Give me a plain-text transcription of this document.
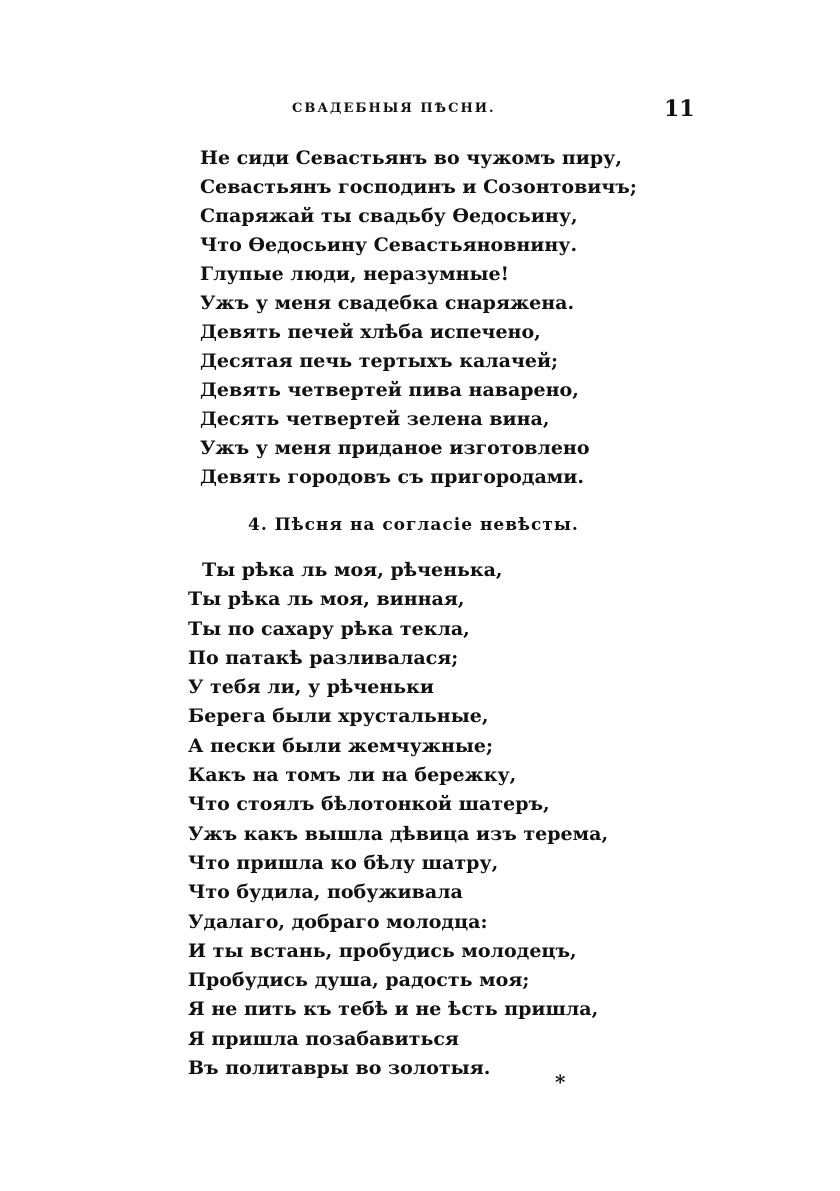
СВАДЕБНЫЯ ПѢСНИ.	11
Не сиди Севастьянъ во чужомъ пиру,
Севастьянъ господинъ и Созонтовичъ;
Спаряжай ты свадьбу Ѳедосьину,
Что Ѳедосьину Севастьяновнину.
Глупые люди, неразумные!
Ужъ у меня свадебка снаряжена.
Девять печей хлѣба испечено,
Десятая печь тертыхъ калачей;
Девять четвертей пива наварено,
Десять четвертей зелена вина,
Ужъ у меня приданое изготовлено
Девять городовъ съ пригородами.
4. Пѣсня на согласіе невѣсты.
Ты рѣка ль моя, рѣченька,
Ты рѣка ль моя, винная,
Ты по сахару рѣка текла,
По патакѣ разливалася;
У тебя ли, у рѣченьки
Берега были хрустальные,
А пески были жемчужные;
Какъ на томъ ли на бережку,
Что стоялъ бѣлотонкой шатеръ,
Ужъ какъ вышла дѣвица изъ терема,
Что пришла ко бѣлу шатру,
Что будила, побуживала
Удалаго, добраго молодца:
И ты встань, пробудись молодецъ,
Пробудись душа, радость моя;
Я не пить къ тебѣ и не ѣсть пришла,
Я пришла позабавиться
Въ политавры во золотыя.
*
